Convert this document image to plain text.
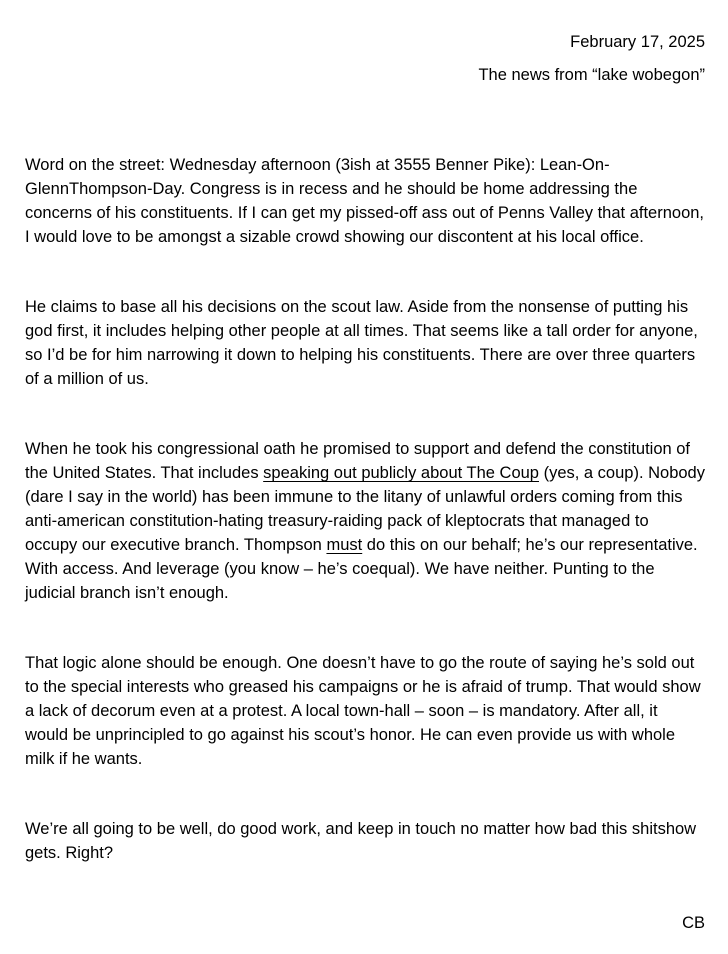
February 17, 2025

The news from “lake wobegon”

Word on the street: Wednesday afternoon (3ish at 3555 Benner Pike): Lean-On-GlennThompson-Day. Congress is in recess and he should be home addressing the concerns of his constituents. If I can get my pissed-off ass out of Penns Valley that afternoon, I would love to be amongst a sizable crowd showing our discontent at his local office.

He claims to base all his decisions on the scout law. Aside from the nonsense of putting his god first, it includes helping other people at all times. That seems like a tall order for anyone, so I’d be for him narrowing it down to helping his constituents. There are over three quarters of a million of us.

When he took his congressional oath he promised to support and defend the constitution of the United States. That includes speaking out publicly about The Coup (yes, a coup). Nobody (dare I say in the world) has been immune to the litany of unlawful orders coming from this anti-american constitution-hating treasury-raiding pack of kleptocrats that managed to occupy our executive branch. Thompson must do this on our behalf; he’s our representative. With access. And leverage (you know – he’s coequal). We have neither. Punting to the judicial branch isn’t enough.

That logic alone should be enough. One doesn’t have to go the route of saying he’s sold out to the special interests who greased his campaigns or he is afraid of trump. That would show a lack of decorum even at a protest. A local town-hall – soon – is mandatory. After all, it would be unprincipled to go against his scout’s honor. He can even provide us with whole milk if he wants.

We’re all going to be well, do good work, and keep in touch no matter how bad this shitshow gets. Right?

CB
